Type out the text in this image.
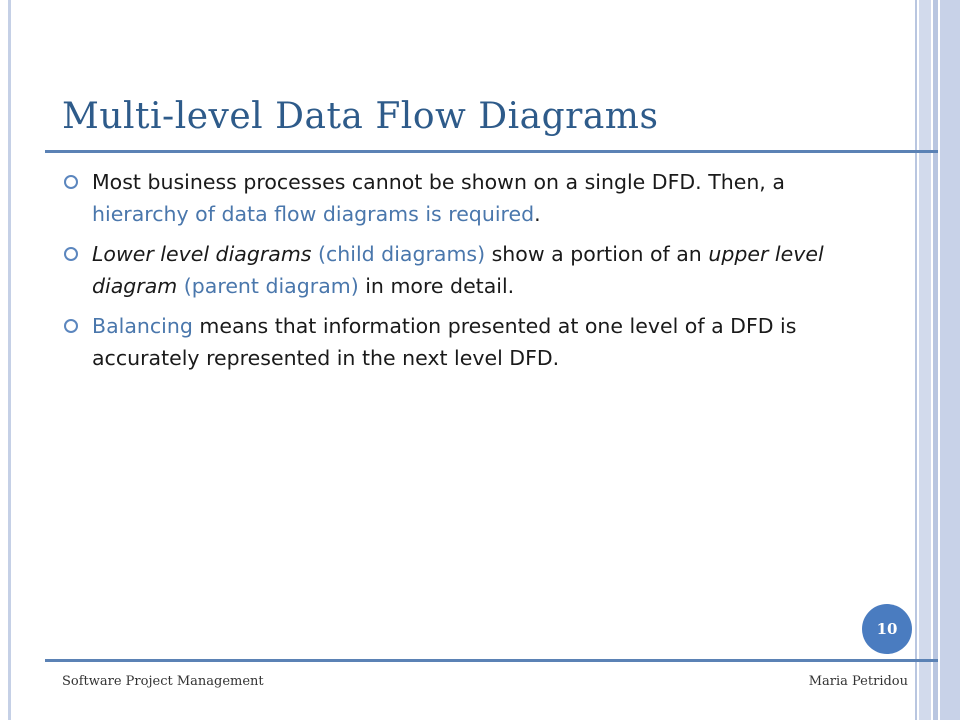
Multi-level Data Flow Diagrams
Most business processes cannot be shown on a single DFD. Then, a hierarchy of data flow diagrams is required.
Lower level diagrams (child diagrams) show a portion of an upper level diagram (parent diagram) in more detail.
Balancing means that information presented at one level of a DFD is accurately represented in the next level DFD.
10
Software Project Management	Maria Petridou
